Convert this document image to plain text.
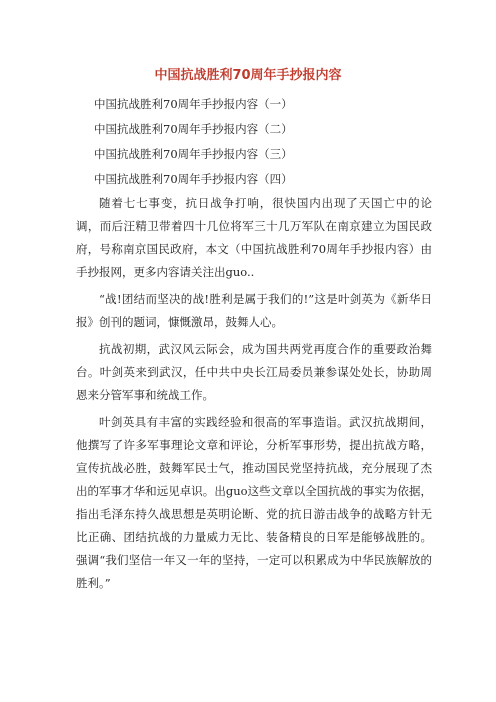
中国抗战胜利70周年手抄报内容
中国抗战胜利70周年手抄报内容（一）
中国抗战胜利70周年手抄报内容（二）
中国抗战胜利70周年手抄报内容（三）
中国抗战胜利70周年手抄报内容（四）

随着七七事变，抗日战争打响，很快国内出现了天国亡中的论调，而后汪精卫带着四十几位将军三十几万军队在南京建立为国民政府，号称南京国民政府，本文（中国抗战胜利70周年手抄报内容）由手抄报网，更多内容请关注出guo..

“战!团结而坚决的战!胜利是属于我们的!”这是叶剑英为《新华日报》创刊的题词，慷慨激昂，鼓舞人心。

抗战初期，武汉风云际会，成为国共两党再度合作的重要政治舞台。叶剑英来到武汉，任中共中央长江局委员兼参谋处处长，协助周恩来分管军事和统战工作。

叶剑英具有丰富的实践经验和很高的军事造诣。武汉抗战期间，他撰写了许多军事理论文章和评论，分析军事形势，提出抗战方略，宣传抗战必胜，鼓舞军民士气，推动国民党坚持抗战，充分展现了杰出的军事才华和远见卓识。出guo这些文章以全国抗战的事实为依据，指出毛泽东持久战思想是英明论断、党的抗日游击战争的战略方针无比正确、团结抗战的力量威力无比、装备精良的日军是能够战胜的。强调“我们坚信一年又一年的坚持，一定可以积累成为中华民族解放的胜利。”
